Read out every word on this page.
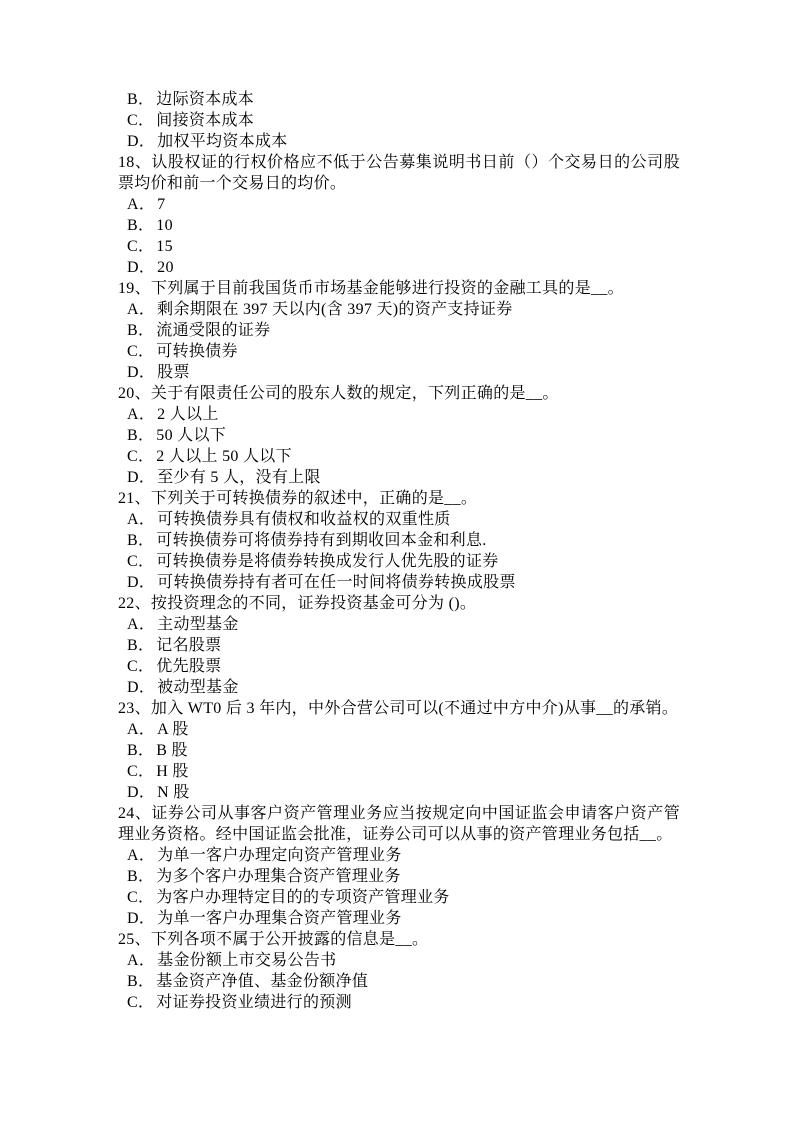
B． 边际资本成本
C． 间接资本成本
D． 加权平均资本成本

18、认股权证的行权价格应不低于公告募集说明书日前（）个交易日的公司股票均价和前一个交易日的均价。

A． 7
B． 10
C． 15
D． 20

19、下列属于目前我国货币市场基金能够进行投资的金融工具的是__。

A． 剩余期限在 397 天以内(含 397 天)的资产支持证券
B． 流通受限的证券
C． 可转换债券
D． 股票

20、关于有限责任公司的股东人数的规定，下列正确的是__。

A． 2 人以上
B． 50 人以下
C． 2 人以上 50 人以下
D． 至少有 5 人，没有上限

21、下列关于可转换债券的叙述中，正确的是__。

A． 可转换债券具有债权和收益权的双重性质
B． 可转换债券可将债券持有到期收回本金和利息.
C． 可转换债券是将债券转换成发行人优先股的证券
D． 可转换债券持有者可在任一时间将债券转换成股票

22、按投资理念的不同，证券投资基金可分为 ()。

A． 主动型基金
B． 记名股票
C． 优先股票
D． 被动型基金

23、加入 WT0 后 3 年内，中外合营公司可以(不通过中方中介)从事__的承销。

A． A 股
B． B 股
C． H 股
D． N 股

24、证券公司从事客户资产管理业务应当按规定向中国证监会申请客户资产管理业务资格。经中国证监会批准，证券公司可以从事的资产管理业务包括__。

A． 为单一客户办理定向资产管理业务
B． 为多个客户办理集合资产管理业务
C． 为客户办理特定目的的专项资产管理业务
D． 为单一客户办理集合资产管理业务

25、下列各项不属于公开披露的信息是__。

A． 基金份额上市交易公告书
B． 基金资产净值、基金份额净值
C． 对证券投资业绩进行的预测
